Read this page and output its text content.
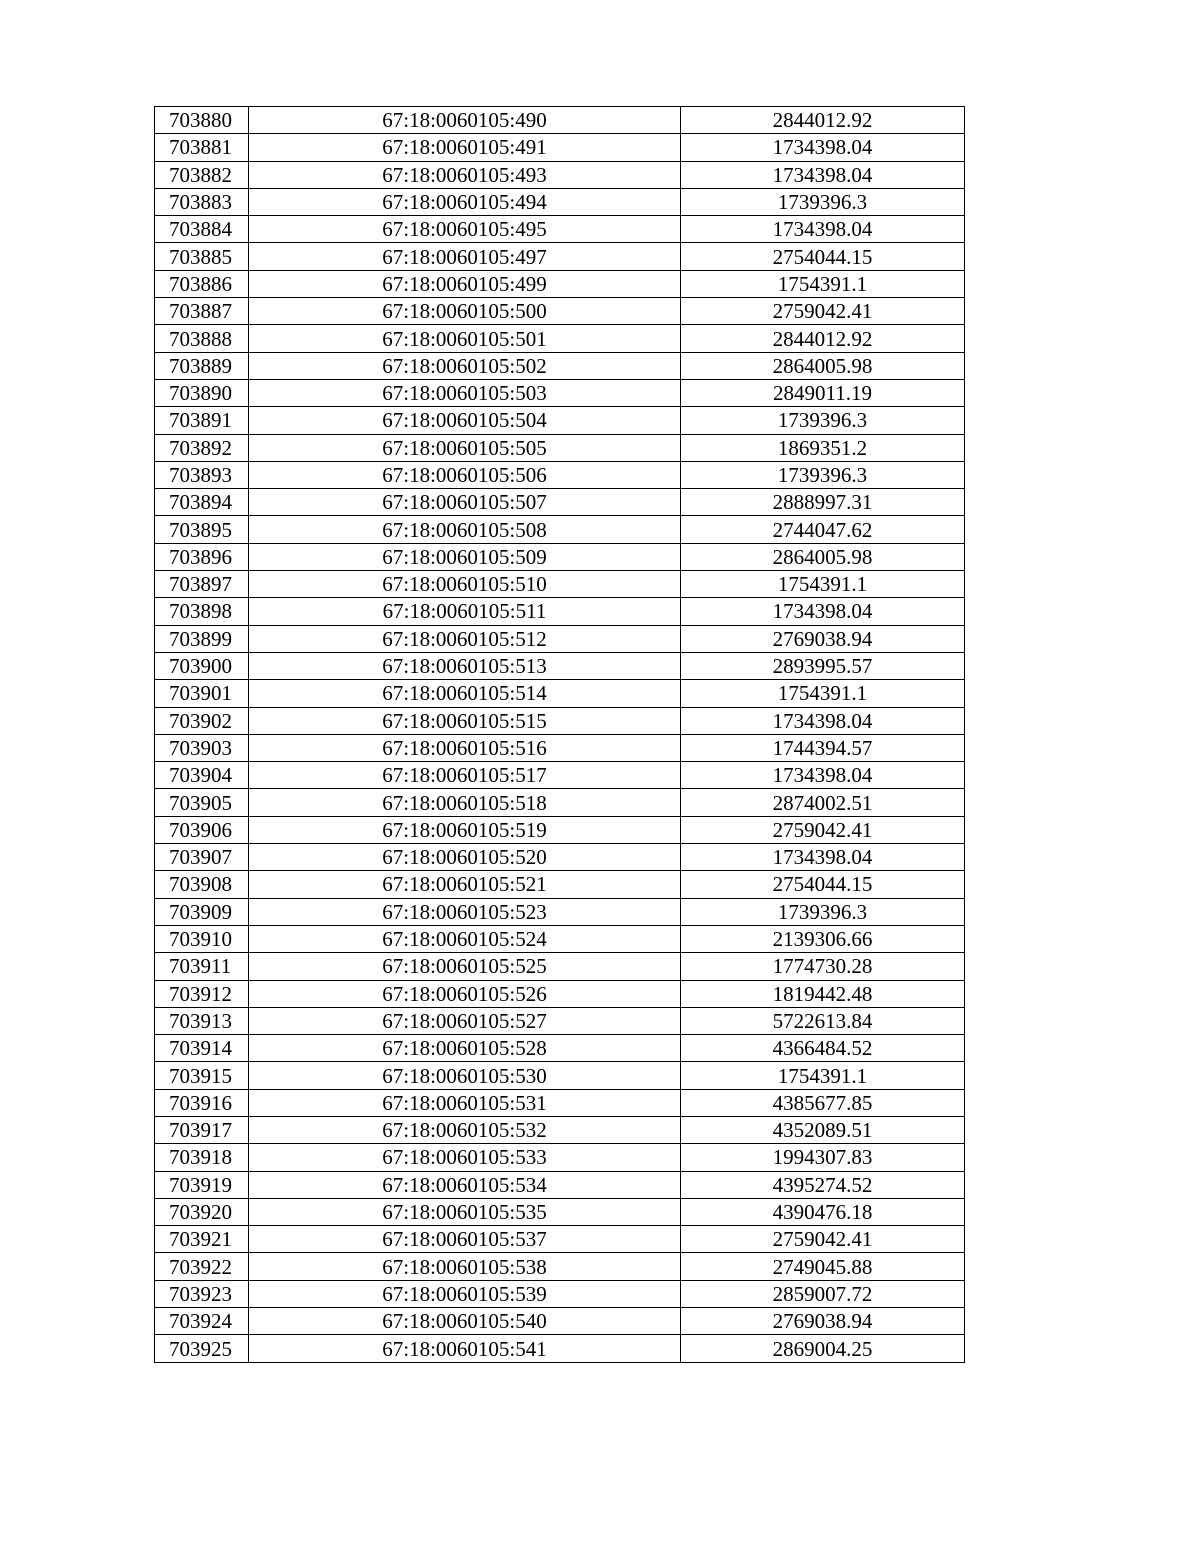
703880	67:18:0060105:490	2844012.92
703881	67:18:0060105:491	1734398.04
703882	67:18:0060105:493	1734398.04
703883	67:18:0060105:494	1739396.3
703884	67:18:0060105:495	1734398.04
703885	67:18:0060105:497	2754044.15
703886	67:18:0060105:499	1754391.1
703887	67:18:0060105:500	2759042.41
703888	67:18:0060105:501	2844012.92
703889	67:18:0060105:502	2864005.98
703890	67:18:0060105:503	2849011.19
703891	67:18:0060105:504	1739396.3
703892	67:18:0060105:505	1869351.2
703893	67:18:0060105:506	1739396.3
703894	67:18:0060105:507	2888997.31
703895	67:18:0060105:508	2744047.62
703896	67:18:0060105:509	2864005.98
703897	67:18:0060105:510	1754391.1
703898	67:18:0060105:511	1734398.04
703899	67:18:0060105:512	2769038.94
703900	67:18:0060105:513	2893995.57
703901	67:18:0060105:514	1754391.1
703902	67:18:0060105:515	1734398.04
703903	67:18:0060105:516	1744394.57
703904	67:18:0060105:517	1734398.04
703905	67:18:0060105:518	2874002.51
703906	67:18:0060105:519	2759042.41
703907	67:18:0060105:520	1734398.04
703908	67:18:0060105:521	2754044.15
703909	67:18:0060105:523	1739396.3
703910	67:18:0060105:524	2139306.66
703911	67:18:0060105:525	1774730.28
703912	67:18:0060105:526	1819442.48
703913	67:18:0060105:527	5722613.84
703914	67:18:0060105:528	4366484.52
703915	67:18:0060105:530	1754391.1
703916	67:18:0060105:531	4385677.85
703917	67:18:0060105:532	4352089.51
703918	67:18:0060105:533	1994307.83
703919	67:18:0060105:534	4395274.52
703920	67:18:0060105:535	4390476.18
703921	67:18:0060105:537	2759042.41
703922	67:18:0060105:538	2749045.88
703923	67:18:0060105:539	2859007.72
703924	67:18:0060105:540	2769038.94
703925	67:18:0060105:541	2869004.25
